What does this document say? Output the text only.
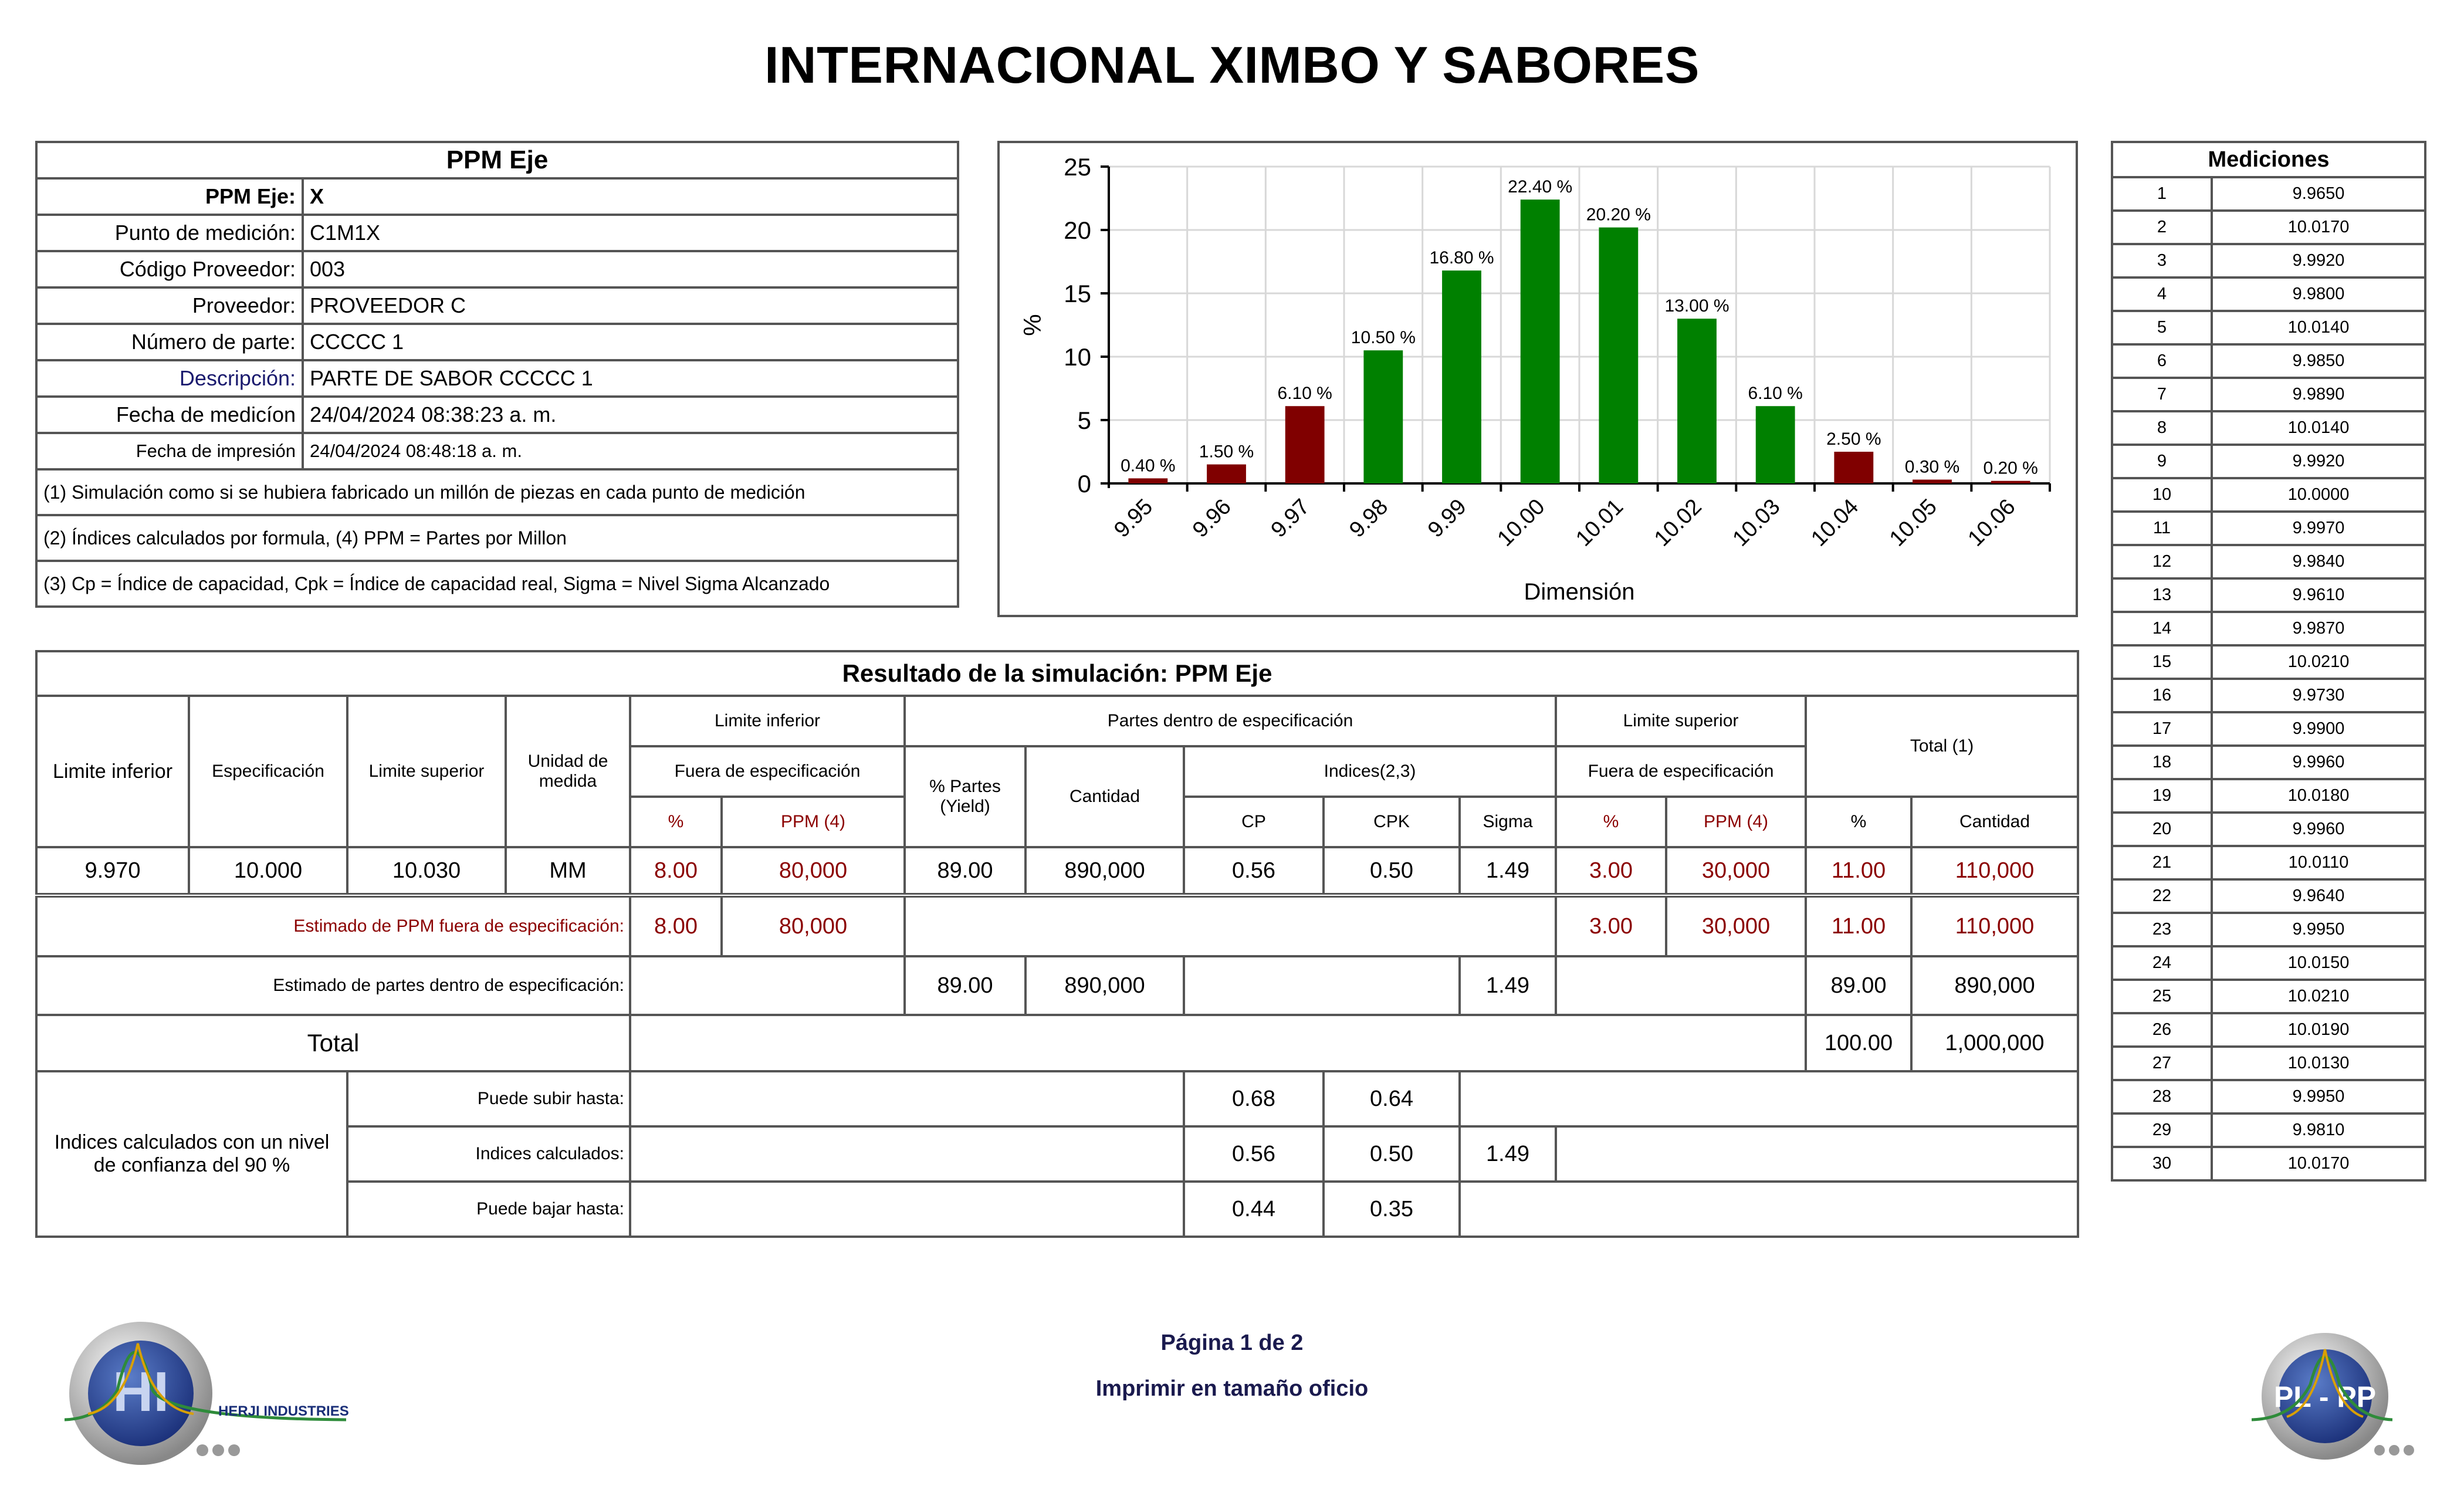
INTERNACIONAL XIMBO Y SABORES
PPM Eje	
PPM Eje:	X
Punto de medición:	C1M1X
Código Proveedor:	003
Proveedor:	PROVEEDOR C
Número de parte:	CCCCC 1
Descripción:	PARTE DE SABOR CCCCC 1
Fecha de medicíon	24/04/2024 08:38:23 a. m.
Fecha de impresión	24/04/2024 08:48:18 a. m.
(1) Simulación como si se hubiera fabricado un millón de piezas en cada punto de medición	
(2) Índices calculados por formula, (4) PPM = Partes por Millon	
(3) Cp = Índice de capacidad, Cpk = Índice de capacidad real, Sigma = Nivel Sigma Alcanzado	
0
5
10
15
20
25
0.40 %
9.95
1.50 %
9.96
6.10 %
9.97
10.50 %
9.98
16.80 %
9.99
22.40 %
10.00
20.20 %
10.01
13.00 %
10.02
6.10 %
10.03
2.50 %
10.04
0.30 %
10.05
0.20 %
10.06
Dimensión
%
Mediciones	
1	9.9650
2	10.0170
3	9.9920
4	9.9800
5	10.0140
6	9.9850
7	9.9890
8	10.0140
9	9.9920
10	10.0000
11	9.9970
12	9.9840
13	9.9610
14	9.9870
15	10.0210
16	9.9730
17	9.9900
18	9.9960
19	10.0180
20	9.9960
21	10.0110
22	9.9640
23	9.9950
24	10.0150
25	10.0210
26	10.0190
27	10.0130
28	9.9950
29	9.9810
30	10.0170
Resultado de la simulación: PPM Eje														
Limite inferior	Especificación	Limite superior	Unidad de medida	Limite inferior		Partes dentro de especificación					Limite superior		Total (1)	
				Fuera de especificación		% Partes (Yield)	Cantidad	Indices(2,3)			Fuera de especificación			
				%	PPM (4)			CP	CPK	Sigma	%	PPM (4)	%	Cantidad
9.970	10.000	10.030	MM	8.00	80,000	89.00	890,000	0.56	0.50	1.49	3.00	30,000	11.00	110,000
Estimado de PPM fuera de especificación:				8.00	80,000						3.00	30,000	11.00	110,000
Estimado de partes dentro de especificación:						89.00	890,000			1.49			89.00	890,000
Total													100.00	1,000,000
Indices calculados con un nivel de confianza del 90 %		Puede subir hasta:						0.68	0.64					
		Indices calculados:						0.56	0.50	1.49				
		Puede bajar hasta:						0.44	0.35					
Página 1 de 2
Imprimir en tamaño oficio
HI	HERJI INDUSTRIES	PL - PP
